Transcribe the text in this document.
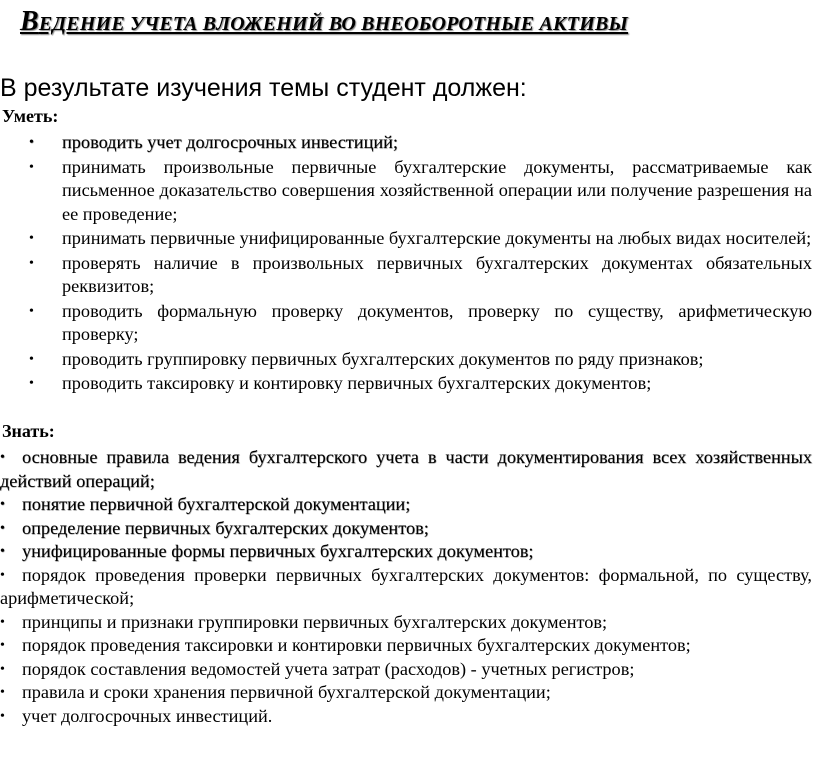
ВЕДЕНИЕ УЧЕТА ВЛОЖЕНИЙ ВО ВНЕОБОРОТНЫЕ АКТИВЫ
В результате изучения темы студент должен:
Уметь:
• проводить учет долгосрочных инвестиций;
• принимать произвольные первичные бухгалтерские документы, рассматриваемые как письменное доказательство совершения хозяйственной операции или получение разрешения на ее проведение;
• принимать первичные унифицированные бухгалтерские документы на любых видах носителей;
• проверять наличие в произвольных первичных бухгалтерских документах обязательных реквизитов;
• проводить формальную проверку документов, проверку по существу, арифметическую проверку;
• проводить группировку первичных бухгалтерских документов по ряду признаков;
• проводить таксировку и контировку первичных бухгалтерских документов;
Знать:
• основные правила ведения бухгалтерского учета в части документирования всех хозяйственных действий операций;
• понятие первичной бухгалтерской документации;
• определение первичных бухгалтерских документов;
• унифицированные формы первичных бухгалтерских документов;
• порядок проведения проверки первичных бухгалтерских документов: формальной, по существу, арифметической;
• принципы и признаки группировки первичных бухгалтерских документов;
• порядок проведения таксировки и контировки первичных бухгалтерских документов;
• порядок составления ведомостей учета затрат (расходов) - учетных регистров;
• правила и сроки хранения первичной бухгалтерской документации;
• учет долгосрочных инвестиций.
